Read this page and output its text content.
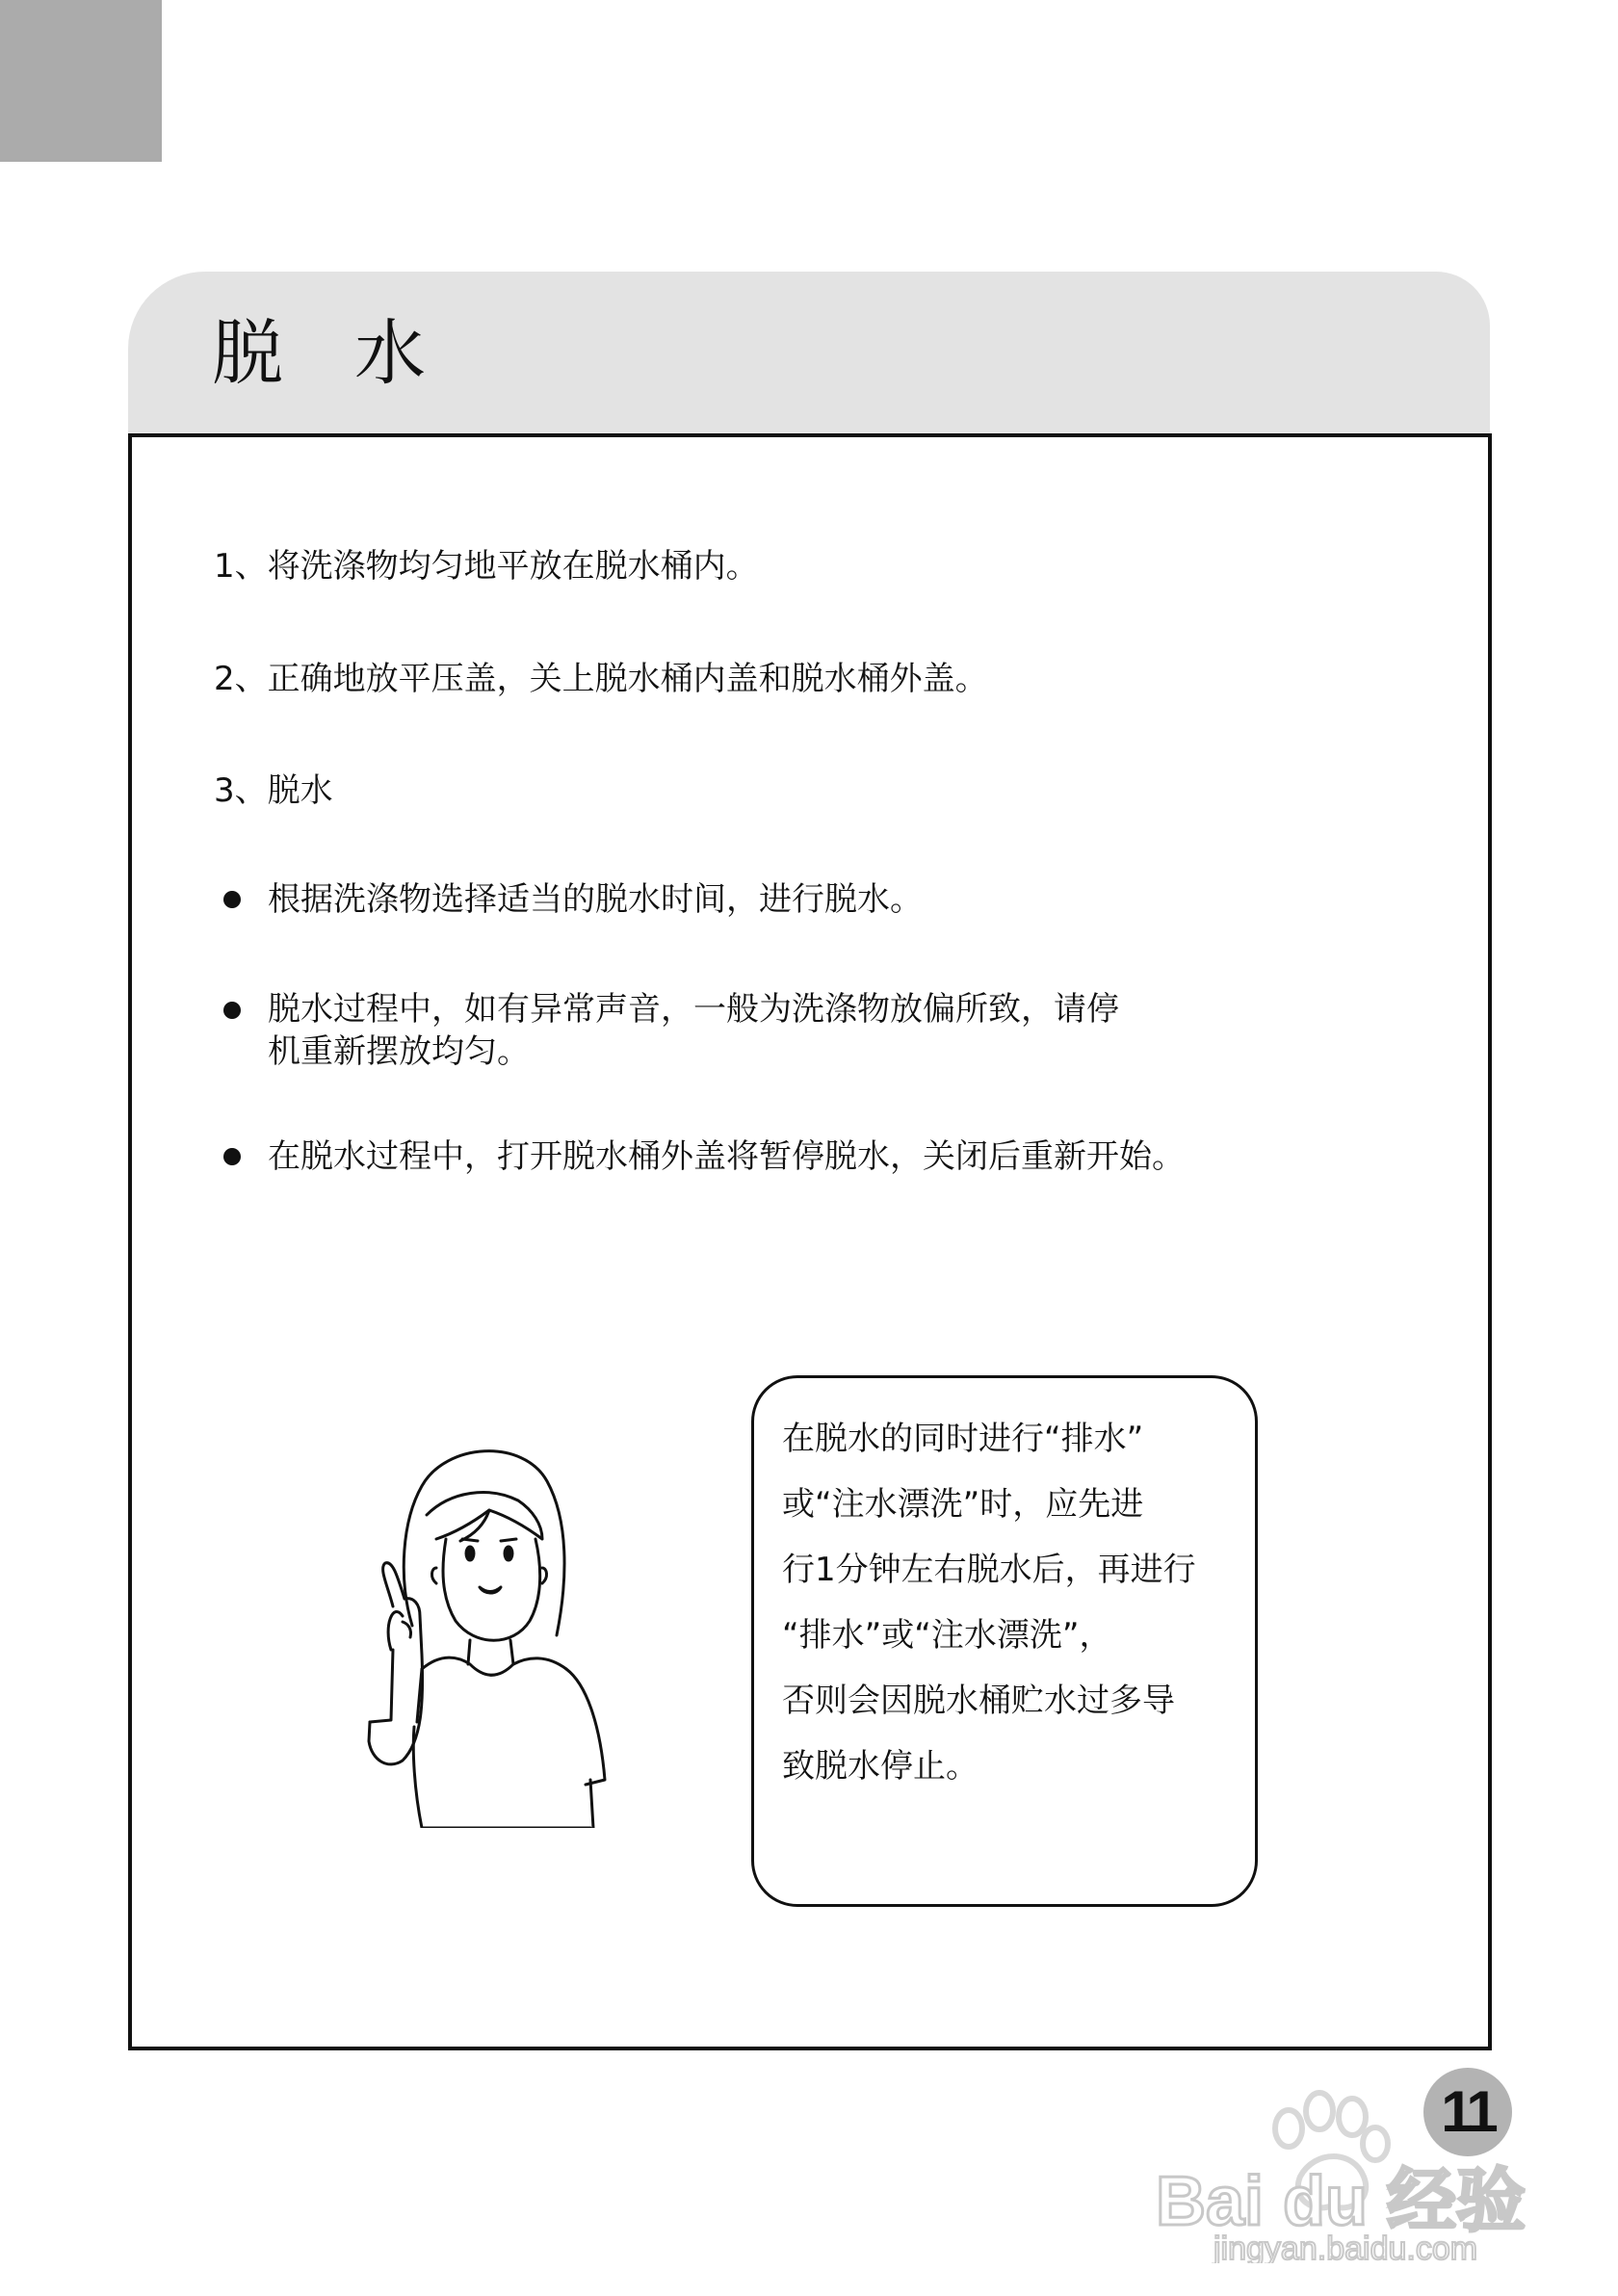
脱水
1、将洗涤物均匀地平放在脱水桶内。
2、正确地放平压盖，关上脱水桶内盖和脱水桶外盖。
3、脱水
根据洗涤物选择适当的脱水时间，进行脱水。
脱水过程中，如有异常声音，一般为洗涤物放偏所致，请停
机重新摆放均匀。
在脱水过程中，打开脱水桶外盖将暂停脱水，关闭后重新开始。
在脱水的同时进行“排水”
或“注水漂洗”时，应先进
行1分钟左右脱水后，再进行
“排水”或“注水漂洗”，
否则会因脱水桶贮水过多导
致脱水停止。
11
Bai du 经验
jingyan.baidu.com
